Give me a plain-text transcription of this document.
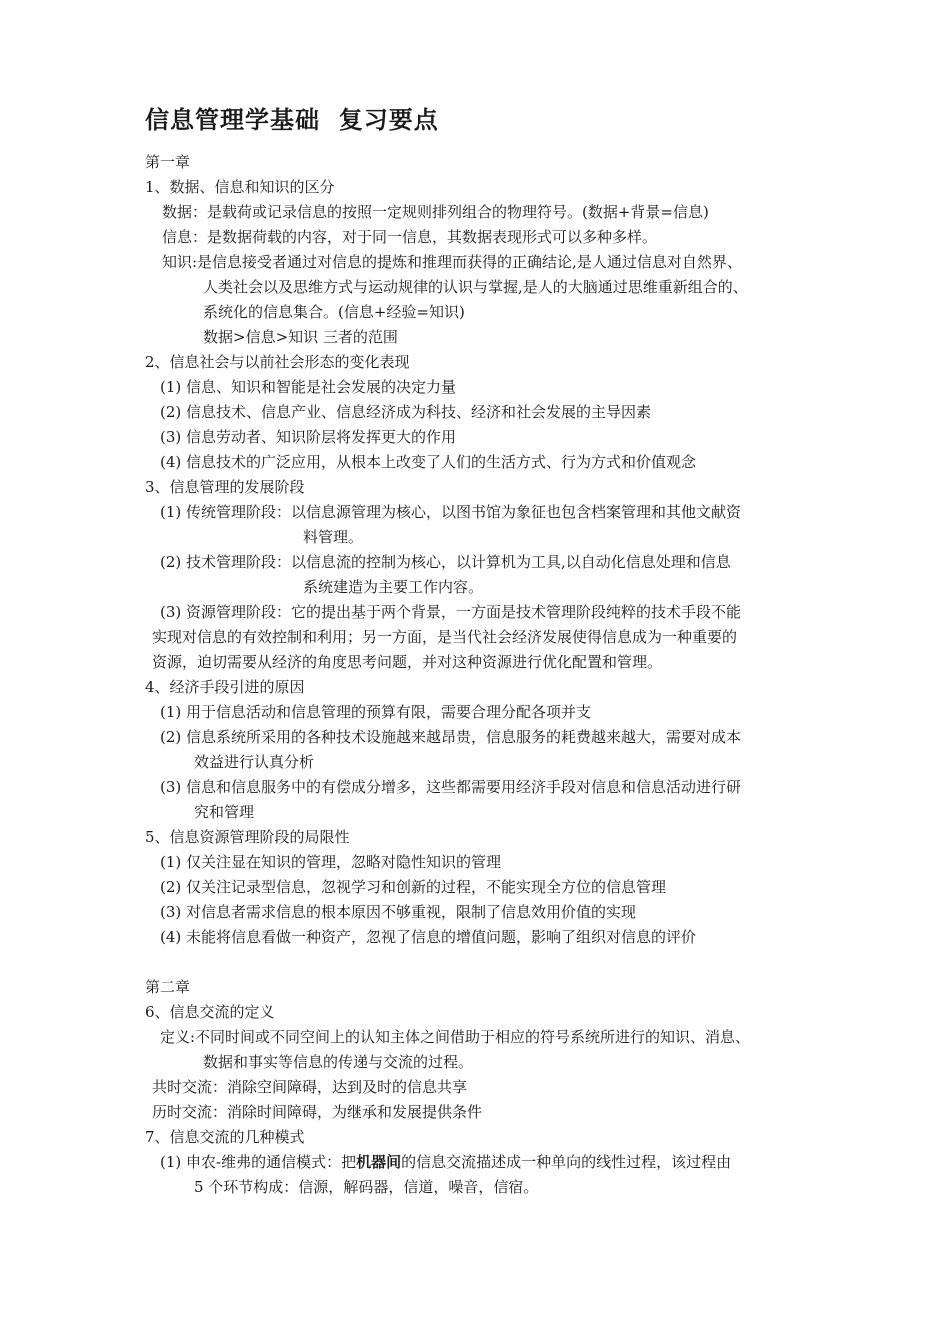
信息管理学基础  复习要点
第一章
1、数据、信息和知识的区分
数据：是载荷或记录信息的按照一定规则排列组合的物理符号。(数据+背景=信息)
信息：是数据荷载的内容，对于同一信息，其数据表现形式可以多种多样。
知识:是信息接受者通过对信息的提炼和推理而获得的正确结论,是人通过信息对自然界、
人类社会以及思维方式与运动规律的认识与掌握,是人的大脑通过思维重新组合的、
系统化的信息集合。(信息+经验=知识)
数据>信息>知识 三者的范围
2、信息社会与以前社会形态的变化表现
(1) 信息、知识和智能是社会发展的决定力量
(2) 信息技术、信息产业、信息经济成为科技、经济和社会发展的主导因素
(3) 信息劳动者、知识阶层将发挥更大的作用
(4) 信息技术的广泛应用，从根本上改变了人们的生活方式、行为方式和价值观念
3、信息管理的发展阶段
(1) 传统管理阶段：以信息源管理为核心，以图书馆为象征也包含档案管理和其他文献资
料管理。
(2) 技术管理阶段：以信息流的控制为核心，以计算机为工具,以自动化信息处理和信息
系统建造为主要工作内容。
(3) 资源管理阶段：它的提出基于两个背景，一方面是技术管理阶段纯粹的技术手段不能
实现对信息的有效控制和利用；另一方面，是当代社会经济发展使得信息成为一种重要的
资源，迫切需要从经济的角度思考问题，并对这种资源进行优化配置和管理。
4、经济手段引进的原因
(1) 用于信息活动和信息管理的预算有限，需要合理分配各项并支
(2) 信息系统所采用的各种技术设施越来越昂贵，信息服务的耗费越来越大，需要对成本
效益进行认真分析
(3) 信息和信息服务中的有偿成分增多，这些都需要用经济手段对信息和信息活动进行研
究和管理
5、信息资源管理阶段的局限性
(1) 仅关注显在知识的管理，忽略对隐性知识的管理
(2) 仅关注记录型信息，忽视学习和创新的过程，不能实现全方位的信息管理
(3) 对信息者需求信息的根本原因不够重视，限制了信息效用价值的实现
(4) 未能将信息看做一种资产，忽视了信息的增值问题，影响了组织对信息的评价
第二章
6、信息交流的定义
定义:不同时间或不同空间上的认知主体之间借助于相应的符号系统所进行的知识、消息、
数据和事实等信息的传递与交流的过程。
共时交流：消除空间障碍，达到及时的信息共享
历时交流：消除时间障碍，为继承和发展提供条件
7、信息交流的几种模式
(1) 申农-维弗的通信模式：把机器间的信息交流描述成一种单向的线性过程，该过程由
5 个环节构成：信源，解码器，信道，噪音，信宿。
